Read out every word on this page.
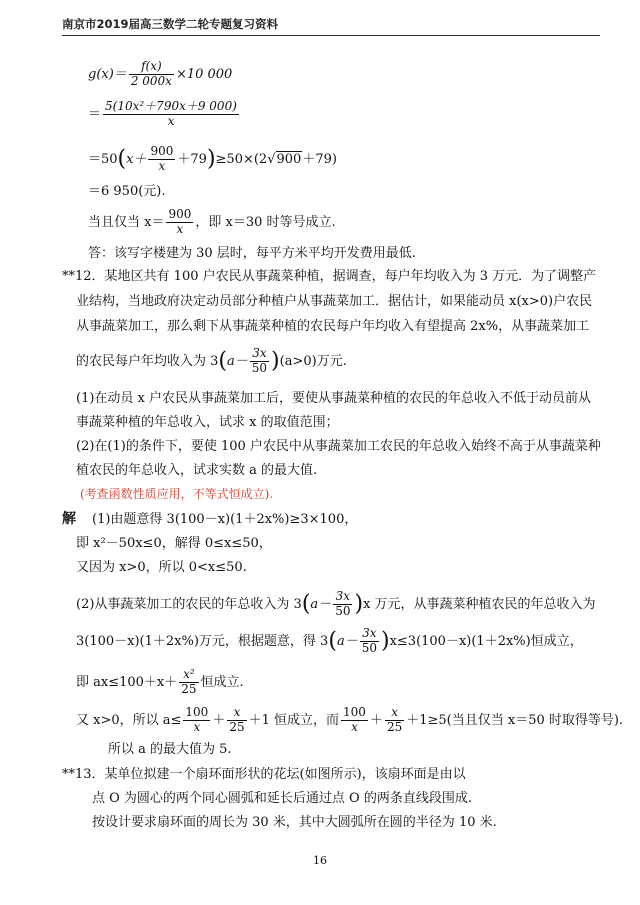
南京市2019届高三数学二轮专题复习资料
$g(x)= \frac{f(x)}{2 000x} \times 10$ 000
＝ $\frac{\text{5(10x²＋790x＋9 000)}}{x}$
$=50(x+ \frac{900}{x} +79)\ge 50\times(2√900+79)$
＝6 950(元).
当且仅当 $x= \frac{900}{x}$ ，即 x＝30 时等号成立.
答：该写字楼建为 30 层时，每平方米平均开发费用最低.
**12．某地区共有 100 户农民从事蔬菜种植，据调查，每户年均收入为 3 万元．为了调整产
业结构，当地政府决定动员部分种植户从事蔬菜加工．据估计，如果能动员 x(x>0)户农民
从事蔬菜加工，那么剩下从事蔬菜种植的农民每户年均收入有望提高 2x%，从事蔬菜加工
的农民每户年均收入为 $3(a- \frac{3x}{50} )(a>0)$万元.
(1)在动员 x 户农民从事蔬菜加工后，要使从事蔬菜种植的农民的年总收入不低于动员前从
事蔬菜种植的年总收入，试求 x 的取值范围；
(2)在(1)的条件下，要使 100 户农民中从事蔬菜加工农民的年总收入始终不高于从事蔬菜种
植农民的年总收入，试求实数 a 的最大值.
(考查函数性质应用，不等式恒成立).
解 (1)由题意得 3(100－x)(1＋2x%)≥3×100，
即 x²－50x≤0，解得 0≤x≤50，
又因为 x>0，所以 0<x≤50.
(2)从事蔬菜加工的农民的年总收入为 $3(a- \frac{3x}{50} )x$ 万元，从事蔬菜种植农民的年总收入为
3(100－x)(1＋2x%)万元，根据题意，得 $3(a- \frac{3x}{50} )x\le 3(100-x)(1+2x\%)$恒成立，
即 $ax\le 100+x+ \frac{\text{x²}}{25}$ 恒成立.
又 x>0，所以 $a\le \frac{100}{x} + \frac{x}{25} +1$ 恒成立，而 $\frac{100}{x} + \frac{x}{25} +1\ge 5$(当且仅当 x＝50 时取得等号).
所以 a 的最大值为 5.
**13．某单位拟建一个扇环面形状的花坛(如图所示)，该扇环面是由以
点 O 为圆心的两个同心圆弧和延长后通过点 O 的两条直线段围成.
按设计要求扇环面的周长为 30 米，其中大圆弧所在圆的半径为 10 米.
16
